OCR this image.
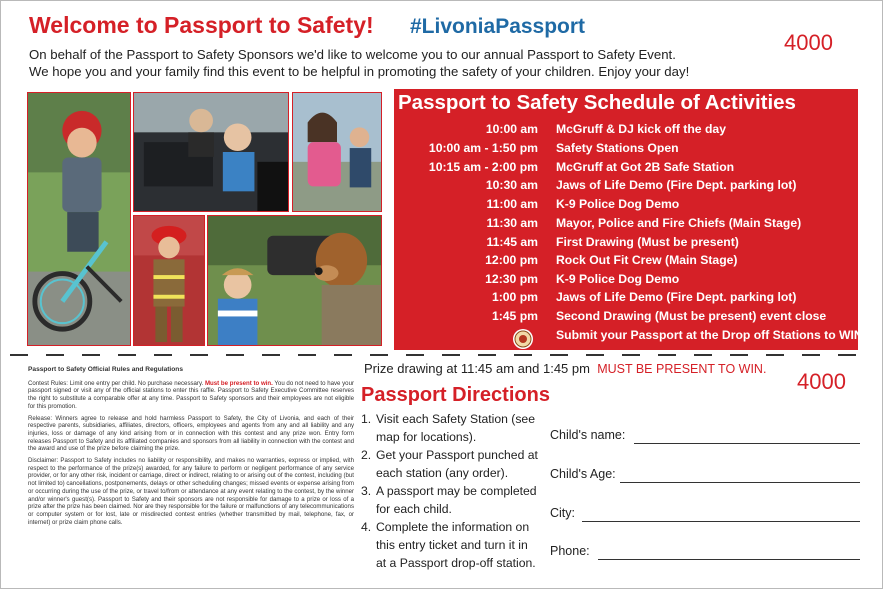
Welcome to Passport to Safety! #LivoniaPassport
4000
On behalf of the Passport to Safety Sponsors we'd like to welcome you to our annual Passport to Safety Event.
We hope you and your family find this event to be helpful in promoting the safety of your children. Enjoy your day!
Passport to Safety Schedule of Activities
10:00 am McGruff & DJ kick off the day
10:00 am - 1:50 pm Safety Stations Open
10:15 am - 2:00 pm McGruff at Got 2B Safe Station
10:30 am Jaws of Life Demo (Fire Dept. parking lot)
11:00 am K-9 Police Dog Demo
11:30 am Mayor, Police and Fire Chiefs (Main Stage)
11:45 am First Drawing (Must be present)
12:00 pm Rock Out Fit Crew (Main Stage)
12:30 pm K-9 Police Dog Demo
1:00 pm Jaws of Life Demo (Fire Dept. parking lot)
1:45 pm Second Drawing (Must be present) event close
Submit your Passport at the Drop off Stations to WIN!
Passport to Safety Official Rules and Regulations

Contest Rules: Limit one entry per child. No purchase necessary. Must be present to win. You do not need to have your passport signed or visit any of the official stations to enter this raffle. Passport to Safety Executive Committee reserves the right to substitute a comparable offer at any time. Passport to Safety sponsors and their employees are not eligible for this promotion.

Release: Winners agree to release and hold harmless Passport to Safety, the City of Livonia, and each of their respective parents, subsidiaries, affiliates, directors, officers, employees and agents from any and all liability and any injuries, loss or damage of any kind arising from or in connection with this contest and any prize won. Entry form releases Passport to Safety and its affiliated companies and sponsors from all liability in connection with the contest and the award and use of the prize before claiming the prize.

Disclaimer: Passport to Safety includes no liability or responsibility, and makes no warranties, express or implied, with respect to the performance of the prize(s) awarded, for any failure to perform or negligent performance of any service provider, or for any other risk, incident or carriage, direct or indirect, relating to or arising out of the contest, including (but not limited to) cancellations, postponements, delays or other scheduling changes; missed events or expense arising from or occurring during the use of the prize, or travel to/from or attendance at any event relating to the contest, by the winner and/or winner's guest(s). Passport to Safety and their sponsors are not responsible for damage to a prize or loss of a prize after the prize has been claimed. Nor are they responsible for the failure or malfunctions of any telecommunications or computer system or for lost, late or misdirected contest entries (whether transmitted by mail, telephone, fax, or internet) or prize claim phone calls.

Prize drawing at 11:45 am and 1:45 pm MUST BE PRESENT TO WIN. 4000
Passport Directions
1. Visit each Safety Station (see map for locations).
2. Get your Passport punched at each station (any order).
3. A passport may be completed for each child.
4. Complete the information on this entry ticket and turn it in at a Passport drop-off station.
Child's name:
Child's Age:
City:
Phone:
